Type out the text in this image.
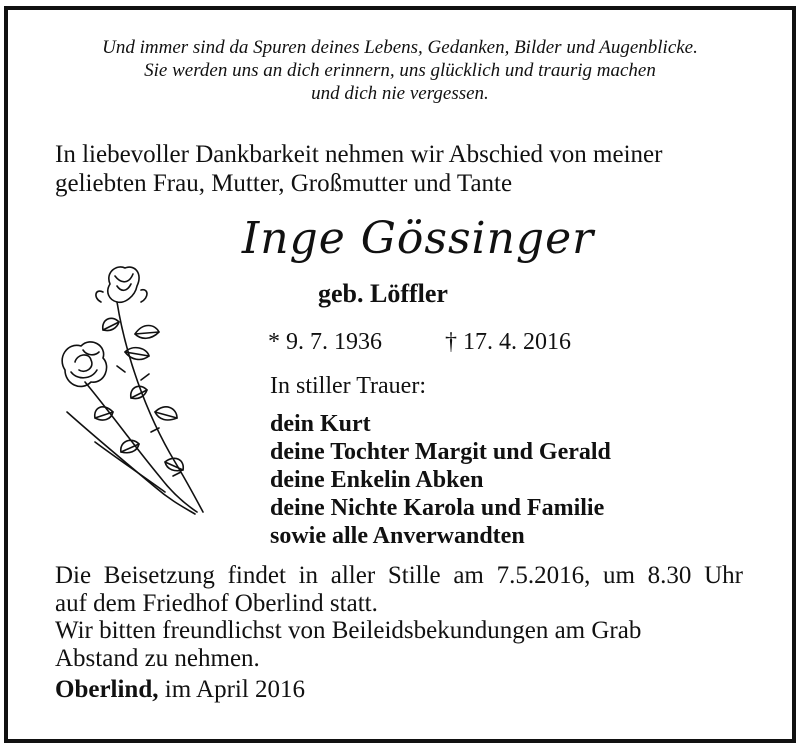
Und immer sind da Spuren deines Lebens, Gedanken, Bilder und Augenblicke.
Sie werden uns an dich erinnern, uns glücklich und traurig machen
und dich nie vergessen.
In liebevoller Dankbarkeit nehmen wir Abschied von meiner
geliebten Frau, Mutter, Großmutter und Tante
Inge Gössinger
geb. Löffler
* 9. 7. 1936	† 17. 4. 2016
In stiller Trauer:
dein Kurt
deine Tochter Margit und Gerald
deine Enkelin Abken
deine Nichte Karola und Familie
sowie alle Anverwandten
Die Beisetzung findet in aller Stille am 7.5.2016, um 8.30 Uhr
auf dem Friedhof Oberlind statt.
Wir bitten freundlichst von Beileidsbekundungen am Grab
Abstand zu nehmen.
Oberlind, im April 2016
